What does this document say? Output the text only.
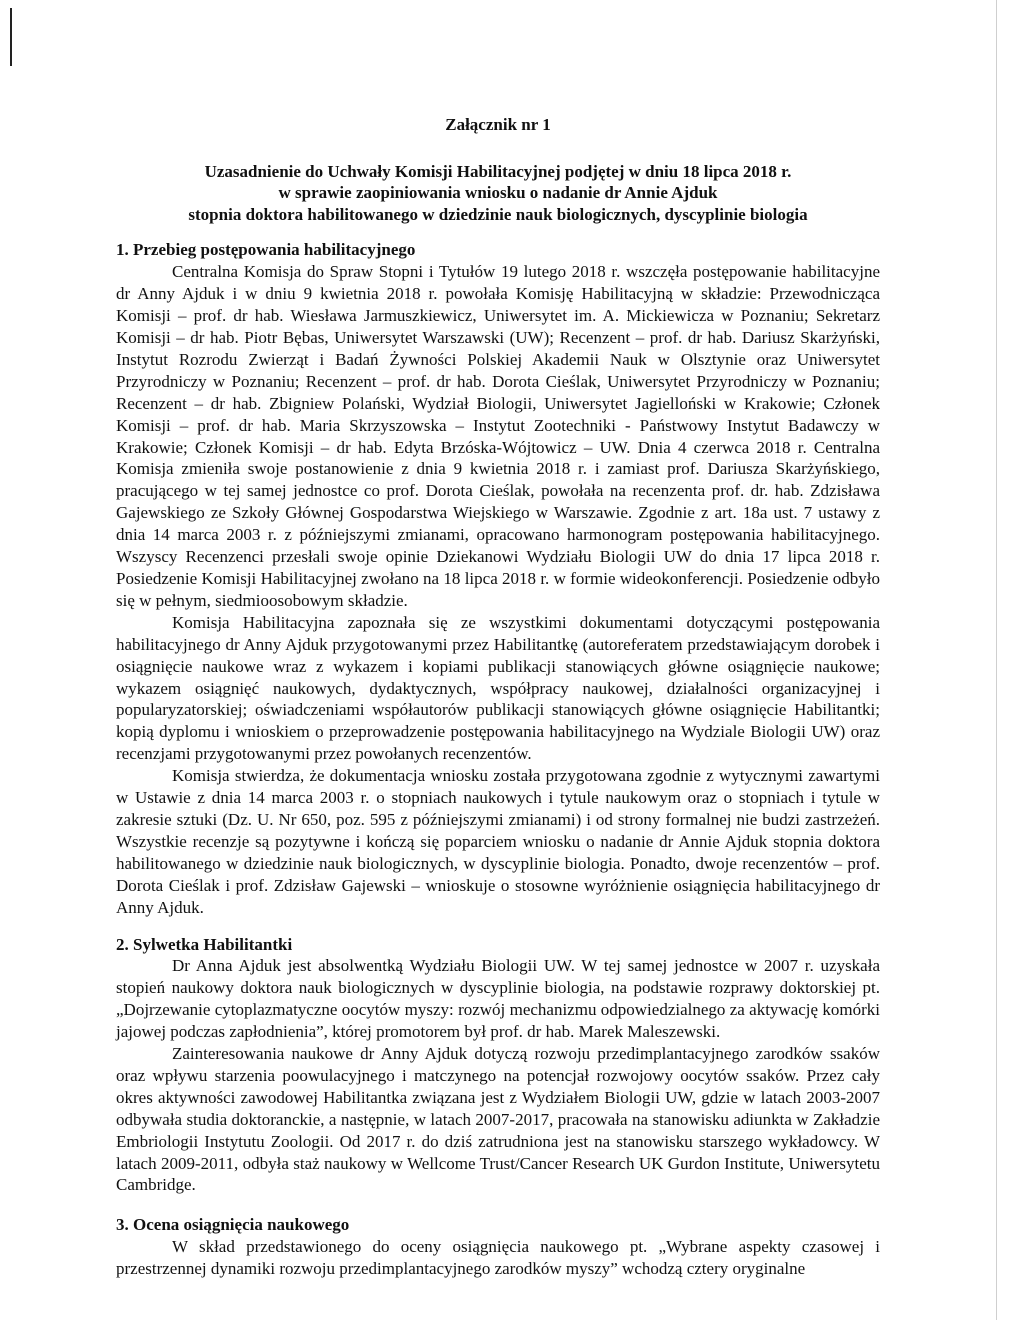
Załącznik nr 1
Uzasadnienie do Uchwały Komisji Habilitacyjnej podjętej w dniu 18 lipca 2018 r.
w sprawie zaopiniowania wniosku o nadanie dr Annie Ajduk
stopnia doktora habilitowanego w dziedzinie nauk biologicznych, dyscyplinie biologia
1. Przebieg postępowania habilitacyjnego

Centralna Komisja do Spraw Stopni i Tytułów 19 lutego 2018 r. wszczęła postępowanie habilitacyjne dr Anny Ajduk i w dniu 9 kwietnia 2018 r. powołała Komisję Habilitacyjną w składzie: Przewodnicząca Komisji – prof. dr hab. Wiesława Jarmuszkiewicz, Uniwersytet im. A. Mickiewicza w Poznaniu; Sekretarz Komisji – dr hab. Piotr Bębas, Uniwersytet Warszawski (UW); Recenzent – prof. dr hab. Dariusz Skarżyński, Instytut Rozrodu Zwierząt i Badań Żywności Polskiej Akademii Nauk w Olsztynie oraz Uniwersytet Przyrodniczy w Poznaniu; Recenzent – prof. dr hab. Dorota Cieślak, Uniwersytet Przyrodniczy w Poznaniu; Recenzent – dr hab. Zbigniew Polański, Wydział Biologii, Uniwersytet Jagielloński w Krakowie; Członek Komisji – prof. dr hab. Maria Skrzyszowska – Instytut Zootechniki - Państwowy Instytut Badawczy w Krakowie; Członek Komisji – dr hab. Edyta Brzóska-Wójtowicz – UW. Dnia 4 czerwca 2018 r. Centralna Komisja zmieniła swoje postanowienie z dnia 9 kwietnia 2018 r. i zamiast prof. Dariusza Skarżyńskiego, pracującego w tej samej jednostce co prof. Dorota Cieślak, powołała na recenzenta prof. dr. hab. Zdzisława Gajewskiego ze Szkoły Głównej Gospodarstwa Wiejskiego w Warszawie. Zgodnie z art. 18a ust. 7 ustawy z dnia 14 marca 2003 r. z późniejszymi zmianami, opracowano harmonogram postępowania habilitacyjnego. Wszyscy Recenzenci przesłali swoje opinie Dziekanowi Wydziału Biologii UW do dnia 17 lipca 2018 r. Posiedzenie Komisji Habilitacyjnej zwołano na 18 lipca 2018 r. w formie wideokonferencji. Posiedzenie odbyło się w pełnym, siedmioosobowym składzie.

Komisja Habilitacyjna zapoznała się ze wszystkimi dokumentami dotyczącymi postępowania habilitacyjnego dr Anny Ajduk przygotowanymi przez Habilitantkę (autoreferatem przedstawiającym dorobek i osiągnięcie naukowe wraz z wykazem i kopiami publikacji stanowiących główne osiągnięcie naukowe; wykazem osiągnięć naukowych, dydaktycznych, współpracy naukowej, działalności organizacyjnej i popularyzatorskiej; oświadczeniami współautorów publikacji stanowiących główne osiągnięcie Habilitantki; kopią dyplomu i wnioskiem o przeprowadzenie postępowania habilitacyjnego na Wydziale Biologii UW) oraz recenzjami przygotowanymi przez powołanych recenzentów.

Komisja stwierdza, że dokumentacja wniosku została przygotowana zgodnie z wytycznymi zawartymi w Ustawie z dnia 14 marca 2003 r. o stopniach naukowych i tytule naukowym oraz o stopniach i tytule w zakresie sztuki (Dz. U. Nr 650, poz. 595 z późniejszymi zmianami) i od strony formalnej nie budzi zastrzeżeń. Wszystkie recenzje są pozytywne i kończą się poparciem wniosku o nadanie dr Annie Ajduk stopnia doktora habilitowanego w dziedzinie nauk biologicznych, w dyscyplinie biologia. Ponadto, dwoje recenzentów – prof. Dorota Cieślak i prof. Zdzisław Gajewski – wnioskuje o stosowne wyróżnienie osiągnięcia habilitacyjnego dr Anny Ajduk.

2. Sylwetka Habilitantki

Dr Anna Ajduk jest absolwentką Wydziału Biologii UW. W tej samej jednostce w 2007 r. uzyskała stopień naukowy doktora nauk biologicznych w dyscyplinie biologia, na podstawie rozprawy doktorskiej pt. „Dojrzewanie cytoplazmatyczne oocytów myszy: rozwój mechanizmu odpowiedzialnego za aktywację komórki jajowej podczas zapłodnienia”, której promotorem był prof. dr hab. Marek Maleszewski.

Zainteresowania naukowe dr Anny Ajduk dotyczą rozwoju przedimplantacyjnego zarodków ssaków oraz wpływu starzenia poowulacyjnego i matczynego na potencjał rozwojowy oocytów ssaków. Przez cały okres aktywności zawodowej Habilitantka związana jest z Wydziałem Biologii UW, gdzie w latach 2003-2007 odbywała studia doktoranckie, a następnie, w latach 2007-2017, pracowała na stanowisku adiunkta w Zakładzie Embriologii Instytutu Zoologii. Od 2017 r. do dziś zatrudniona jest na stanowisku starszego wykładowcy. W latach 2009-2011, odbyła staż naukowy w Wellcome Trust/Cancer Research UK Gurdon Institute, Uniwersytetu Cambridge.

3. Ocena osiągnięcia naukowego

W skład przedstawionego do oceny osiągnięcia naukowego pt. „Wybrane aspekty czasowej i przestrzennej dynamiki rozwoju przedimplantacyjnego zarodków myszy” wchodzą cztery oryginalne
